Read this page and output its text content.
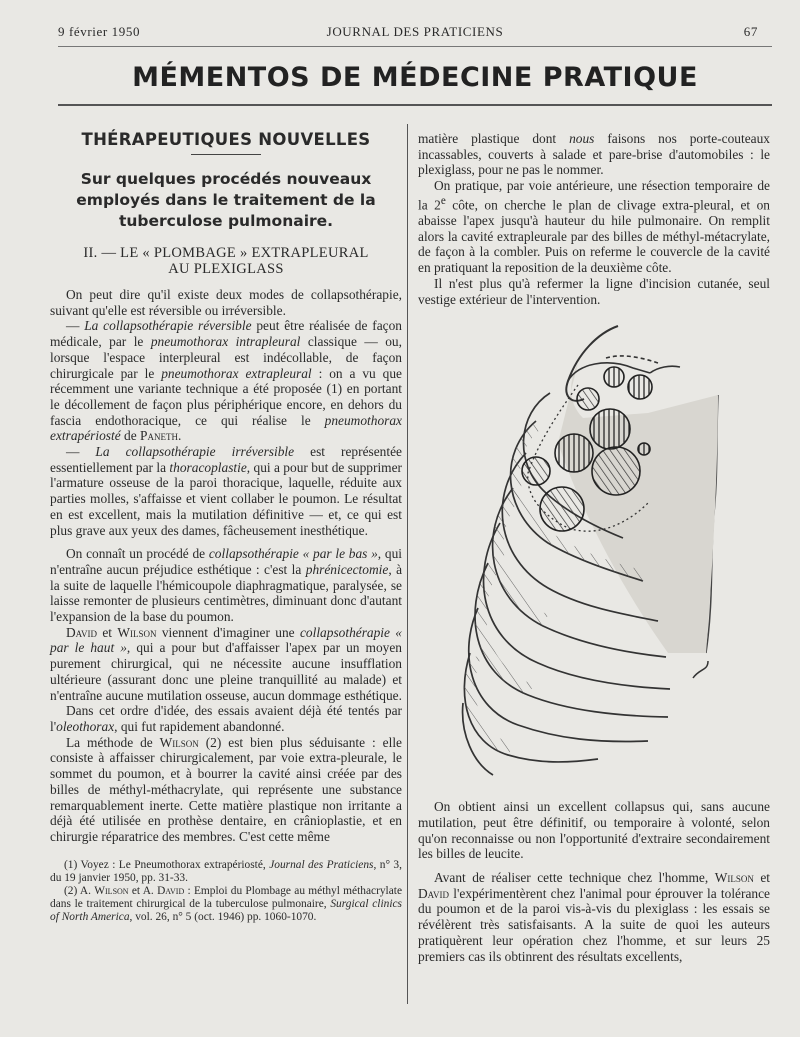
9 février 1950	JOURNAL DES PRATICIENS	67
MÉMENTOS DE MÉDECINE PRATIQUE
THÉRAPEUTIQUES NOUVELLES
Sur quelques procédés nouveaux employés dans le traitement de la tuberculose pulmonaire.
II. — LE « PLOMBAGE » EXTRAPLEURAL
AU PLEXIGLASS

On peut dire qu'il existe deux modes de collapsothérapie, suivant qu'elle est réversible ou irréversible.

— La collapsothérapie réversible peut être réalisée de façon médicale, par le pneumothorax intrapleural classique — ou, lorsque l'espace interpleural est indécollable, de façon chirurgicale par le pneumothorax extrapleural : on a vu que récemment une variante technique a été proposée (1) en portant le décollement de façon plus périphérique encore, en dehors du fascia endothoracique, ce qui réalise le pneumothorax extrapériosté de Paneth.

— La collapsothérapie irréversible est représentée essentiellement par la thoracoplastie, qui a pour but de supprimer l'armature osseuse de la paroi thoracique, laquelle, réduite aux parties molles, s'affaisse et vient collaber le poumon. Le résultat en est excellent, mais la mutilation définitive — et, ce qui est plus grave aux yeux des dames, fâcheusement inesthétique.

On connaît un procédé de collapsothérapie « par le bas », qui n'entraîne aucun préjudice esthétique : c'est la phrénicectomie, à la suite de laquelle l'hémicoupole diaphragmatique, paralysée, se laisse remonter de plusieurs centimètres, diminuant donc d'autant l'expansion de la base du poumon.

David et Wilson viennent d'imaginer une collapsothérapie « par le haut », qui a pour but d'affaisser l'apex par un moyen purement chirurgical, qui ne nécessite aucune insufflation ultérieure (assurant donc une pleine tranquillité au malade) et n'entraîne aucune mutilation osseuse, aucun dommage esthétique.

Dans cet ordre d'idée, des essais avaient déjà été tentés par l'oleothorax, qui fut rapidement abandonné.

La méthode de Wilson (2) est bien plus séduisante : elle consiste à affaisser chirurgicalement, par voie extra-pleurale, le sommet du poumon, et à bourrer la cavité ainsi créée par des billes de méthyl-méthacrylate, qui représente une substance remarquablement inerte. Cette matière plastique non irritante a déjà été utilisée en prothèse dentaire, en crânioplastie, et en chirurgie réparatrice des membres. C'est cette même

(1) Voyez : Le Pneumothorax extrapériosté, Journal des Praticiens, n° 3, du 19 janvier 1950, pp. 31-33.

(2) A. Wilson et A. David : Emploi du Plombage au méthyl méthacrylate dans le traitement chirurgical de la tuberculose pulmonaire, Surgical clinics of North America, vol. 26, n° 5 (oct. 1946) pp. 1060-1070.

matière plastique dont nous faisons nos porte-couteaux incassables, couverts à salade et pare-brise d'automobiles : le plexiglass, pour ne pas le nommer.

On pratique, par voie antérieure, une résection temporaire de la 2e côte, on cherche le plan de clivage extra-pleural, et on abaisse l'apex jusqu'à hauteur du hile pulmonaire. On remplit alors la cavité extrapleurale par des billes de méthyl-métacrylate, de façon à la combler. Puis on referme le couvercle de la cavité en pratiquant la reposition de la deuxième côte.

Il n'est plus qu'à refermer la ligne d'incision cutanée, seul vestige extérieur de l'intervention.

On obtient ainsi un excellent collapsus qui, sans aucune mutilation, peut être définitif, ou temporaire à volonté, selon qu'on reconnaisse ou non l'opportunité d'extraire secondairement les billes de leucite.

Avant de réaliser cette technique chez l'homme, Wilson et David l'expérimentèrent chez l'animal pour éprouver la tolérance du poumon et de la paroi vis-à-vis du plexiglass : les essais se révélèrent très satisfaisants. A la suite de quoi les auteurs pratiquèrent leur opération chez l'homme, et sur leurs 25 premiers cas ils obtinrent des résultats excellents,
